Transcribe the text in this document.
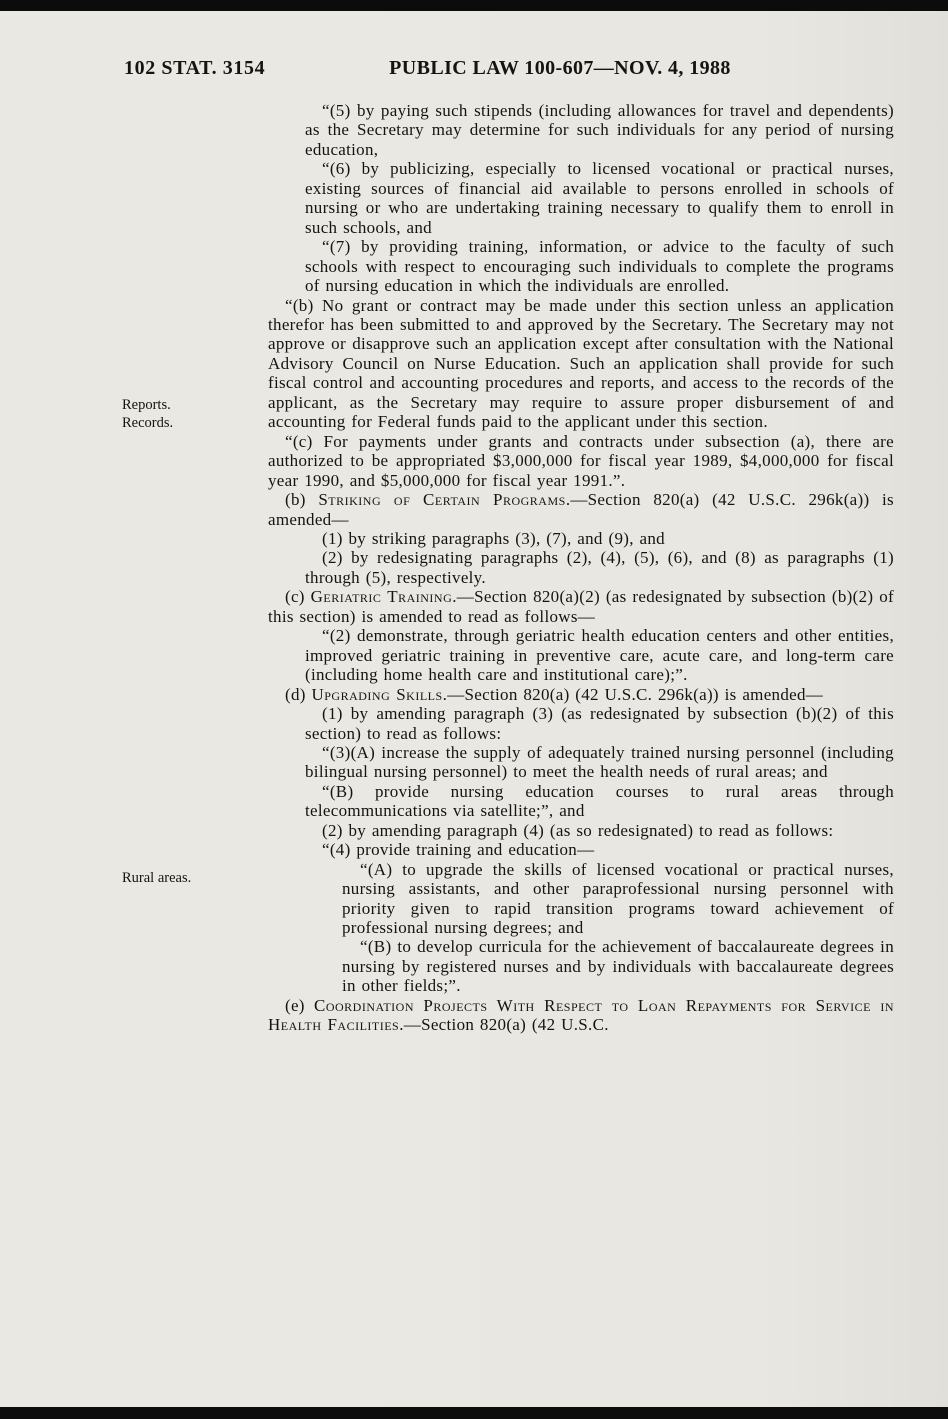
102 STAT. 3154	PUBLIC LAW 100-607—NOV. 4, 1988
Reports.
Records.
Rural areas.
“(5) by paying such stipends (including allowances for travel and dependents) as the Secretary may determine for such individuals for any period of nursing education,
“(6) by publicizing, especially to licensed vocational or practical nurses, existing sources of financial aid available to persons enrolled in schools of nursing or who are undertaking training necessary to qualify them to enroll in such schools, and
“(7) by providing training, information, or advice to the faculty of such schools with respect to encouraging such individuals to complete the programs of nursing education in which the individuals are enrolled.
“(b) No grant or contract may be made under this section unless an application therefor has been submitted to and approved by the Secretary. The Secretary may not approve or disapprove such an application except after consultation with the National Advisory Council on Nurse Education. Such an application shall provide for such fiscal control and accounting procedures and reports, and access to the records of the applicant, as the Secretary may require to assure proper disbursement of and accounting for Federal funds paid to the applicant under this section.
“(c) For payments under grants and contracts under subsection (a), there are authorized to be appropriated $3,000,000 for fiscal year 1989, $4,000,000 for fiscal year 1990, and $5,000,000 for fiscal year 1991.”.
(b) Striking of Certain Programs.—Section 820(a) (42 U.S.C. 296k(a)) is amended—
(1) by striking paragraphs (3), (7), and (9), and
(2) by redesignating paragraphs (2), (4), (5), (6), and (8) as paragraphs (1) through (5), respectively.
(c) Geriatric Training.—Section 820(a)(2) (as redesignated by subsection (b)(2) of this section) is amended to read as follows—
“(2) demonstrate, through geriatric health education centers and other entities, improved geriatric training in preventive care, acute care, and long-term care (including home health care and institutional care);”.
(d) Upgrading Skills.—Section 820(a) (42 U.S.C. 296k(a)) is amended—
(1) by amending paragraph (3) (as redesignated by subsection (b)(2) of this section) to read as follows:
“(3)(A) increase the supply of adequately trained nursing personnel (including bilingual nursing personnel) to meet the health needs of rural areas; and
“(B) provide nursing education courses to rural areas through telecommunications via satellite;”, and
(2) by amending paragraph (4) (as so redesignated) to read as follows:
“(4) provide training and education—
“(A) to upgrade the skills of licensed vocational or practical nurses, nursing assistants, and other paraprofessional nursing personnel with priority given to rapid transition programs toward achievement of professional nursing degrees; and
“(B) to develop curricula for the achievement of baccalaureate degrees in nursing by registered nurses and by individuals with baccalaureate degrees in other fields;”.
(e) Coordination Projects With Respect to Loan Repayments for Service in Health Facilities.—Section 820(a) (42 U.S.C.
